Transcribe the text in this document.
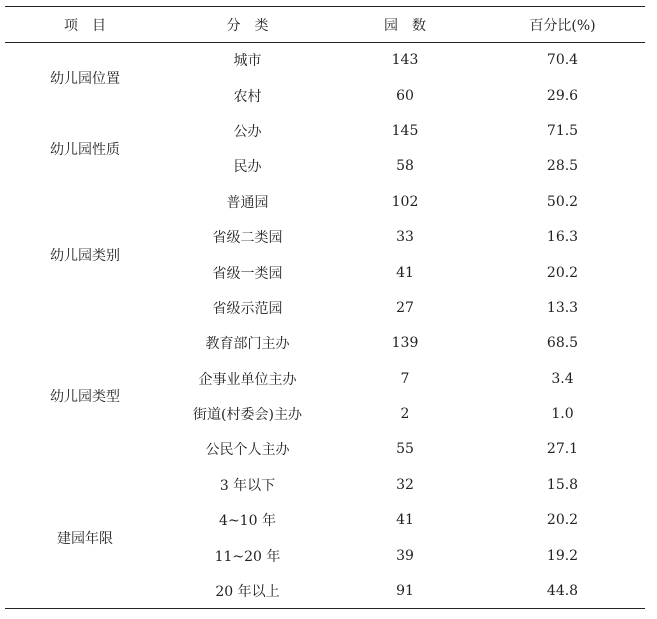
项　目	分　类	园　数	百分比(%)
幼儿园位置	城市	143	70.4
	农村	60	29.6
幼儿园性质	公办	145	71.5
	民办	58	28.5
幼儿园类别	普通园	102	50.2
	省级二类园	33	16.3
	省级一类园	41	20.2
	省级示范园	27	13.3
幼儿园类型	教育部门主办	139	68.5
	企事业单位主办	7	3.4
	街道(村委会)主办	2	1.0
	公民个人主办	55	27.1
建园年限	3 年以下	32	15.8
	4~10 年	41	20.2
	11~20 年	39	19.2
	20 年以上	91	44.8
